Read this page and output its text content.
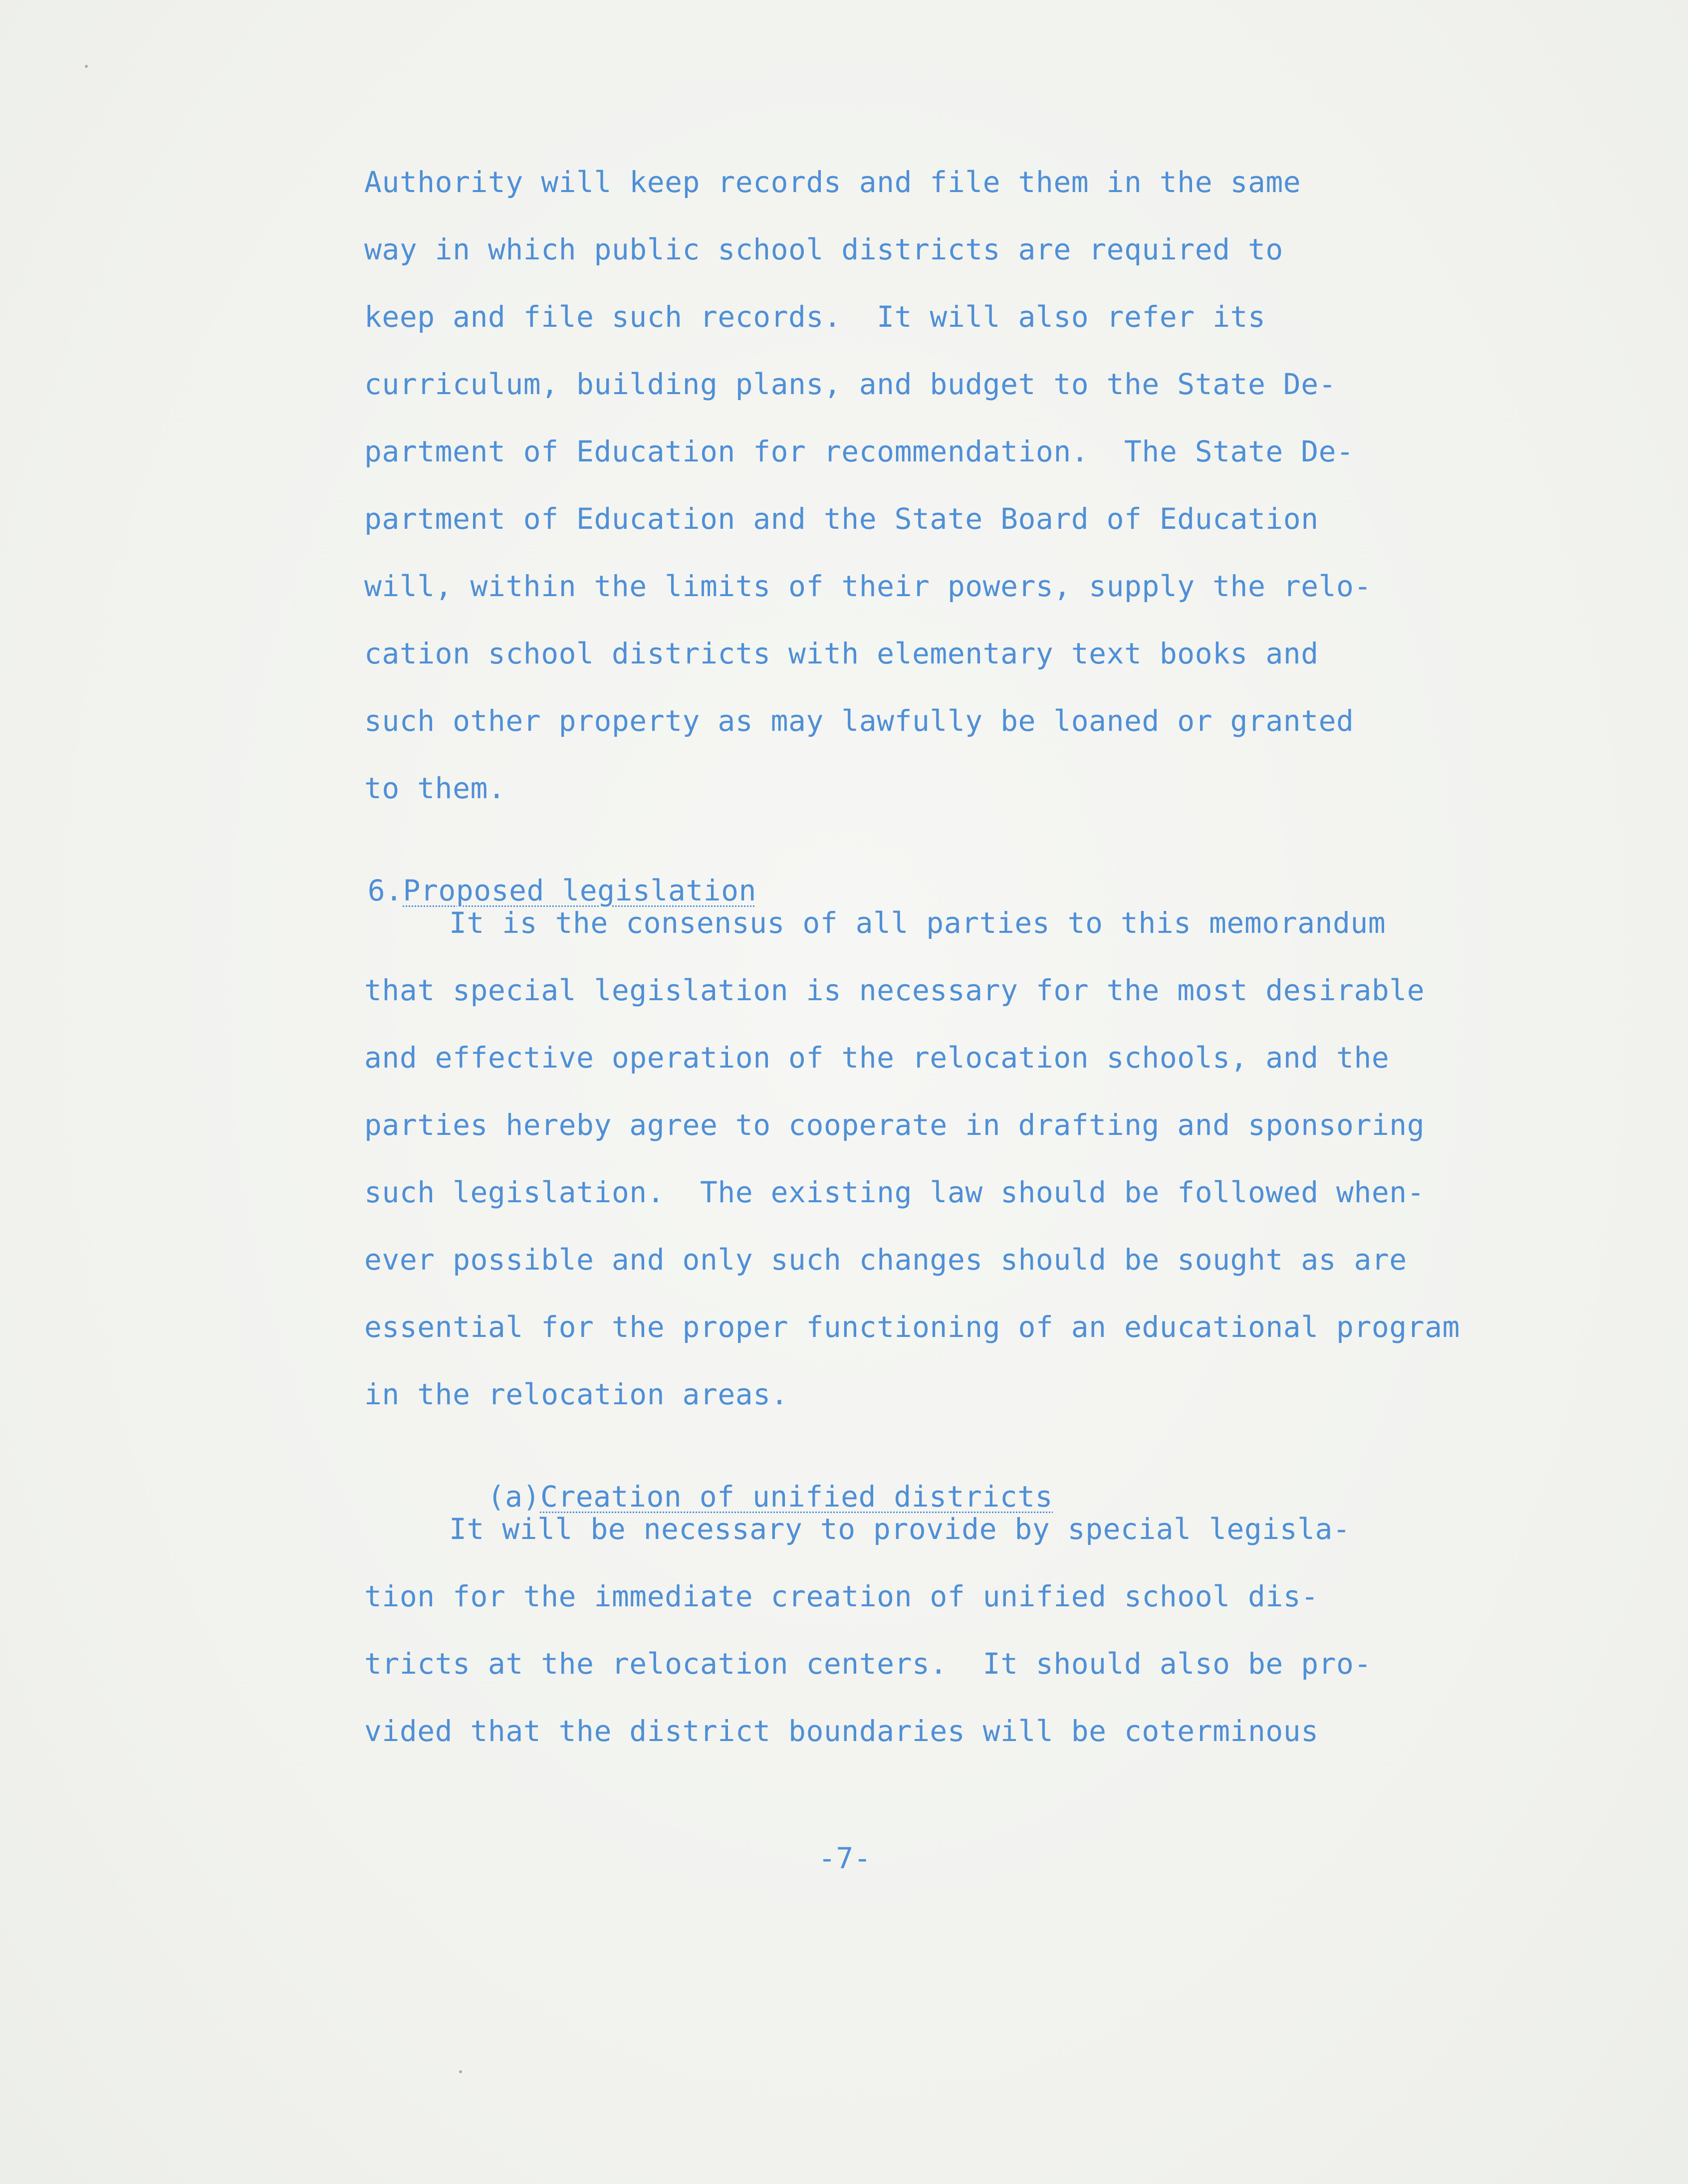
Authority will keep records and file them in the same
way in which public school districts are required to
keep and file such records.  It will also refer its
curriculum, building plans, and budget to the State De-
partment of Education for recommendation.  The State De-
partment of Education and the State Board of Education
will, within the limits of their powers, supply the relo-
cation school districts with elementary text books and
such other property as may lawfully be loaned or granted
to them.

6.Proposed legislation

It is the consensus of all parties to this memorandum
that special legislation is necessary for the most desirable
and effective operation of the relocation schools, and the
parties hereby agree to cooperate in drafting and sponsoring
such legislation.  The existing law should be followed when-
ever possible and only such changes should be sought as are
essential for the proper functioning of an educational program
in the relocation areas.

(a)Creation of unified districts

It will be necessary to provide by special legisla-
tion for the immediate creation of unified school dis-
tricts at the relocation centers.  It should also be pro-
vided that the district boundaries will be coterminous
-7-
